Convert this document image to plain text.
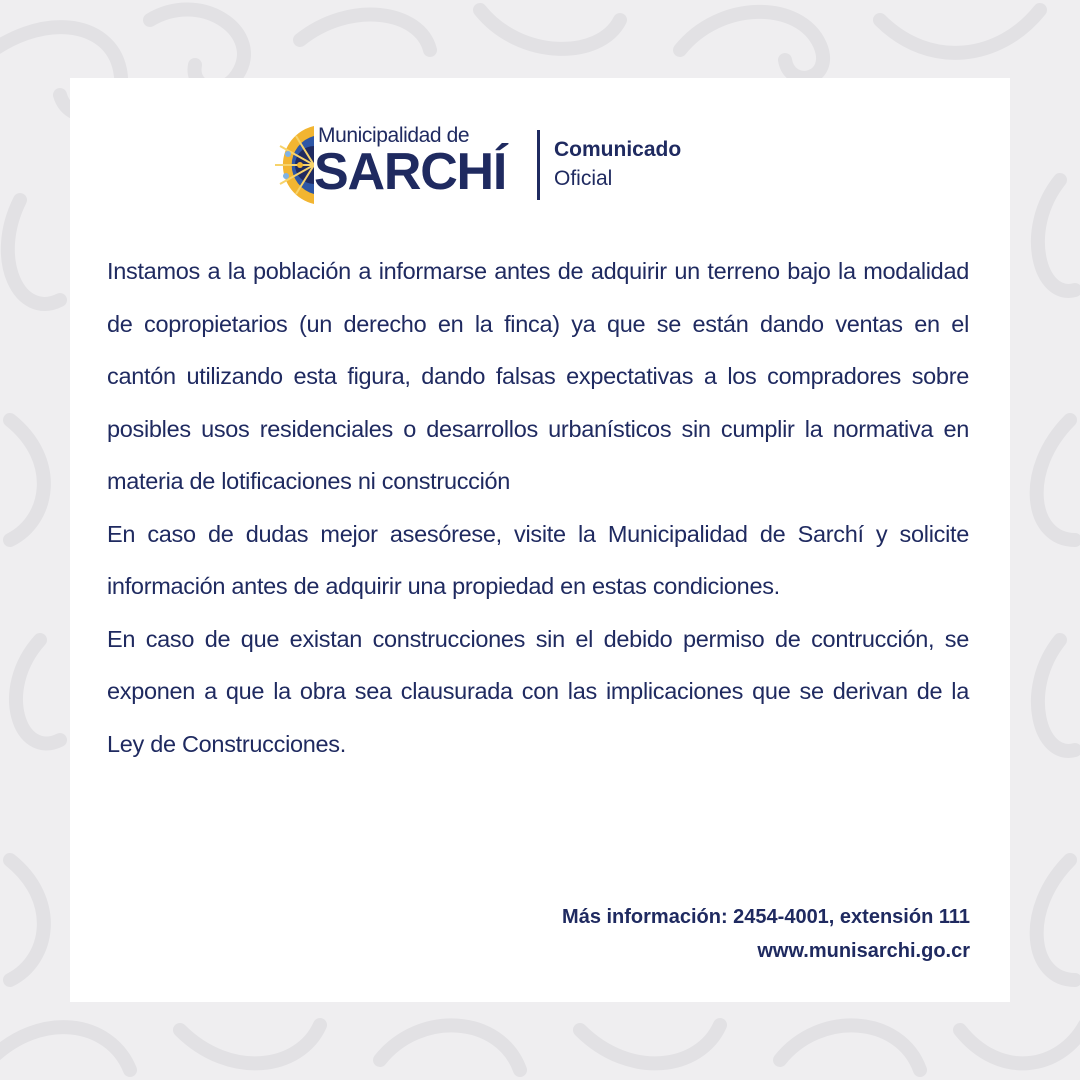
Municipalidad de
SARCHÍ Comunicado
Oficial

Instamos a la población a informarse antes de adquirir un terreno bajo la modalidad de copropietarios (un derecho en la finca) ya que se están dando ventas en el cantón utilizando esta figura, dando falsas expectativas a los compradores sobre posibles usos residenciales o desarrollos urbanísticos sin cumplir la normativa en materia de lotificaciones ni construcción

En caso de dudas mejor asesórese, visite la Municipalidad de Sarchí y solicite información antes de adquirir una propiedad en estas condiciones.

En caso de que existan construcciones sin el debido permiso de contrucción, se exponen a que la obra sea clausurada con las implicaciones que se derivan de la Ley de Construcciones.

Más información: 2454-4001, extensión 111
www.munisarchi.go.cr
